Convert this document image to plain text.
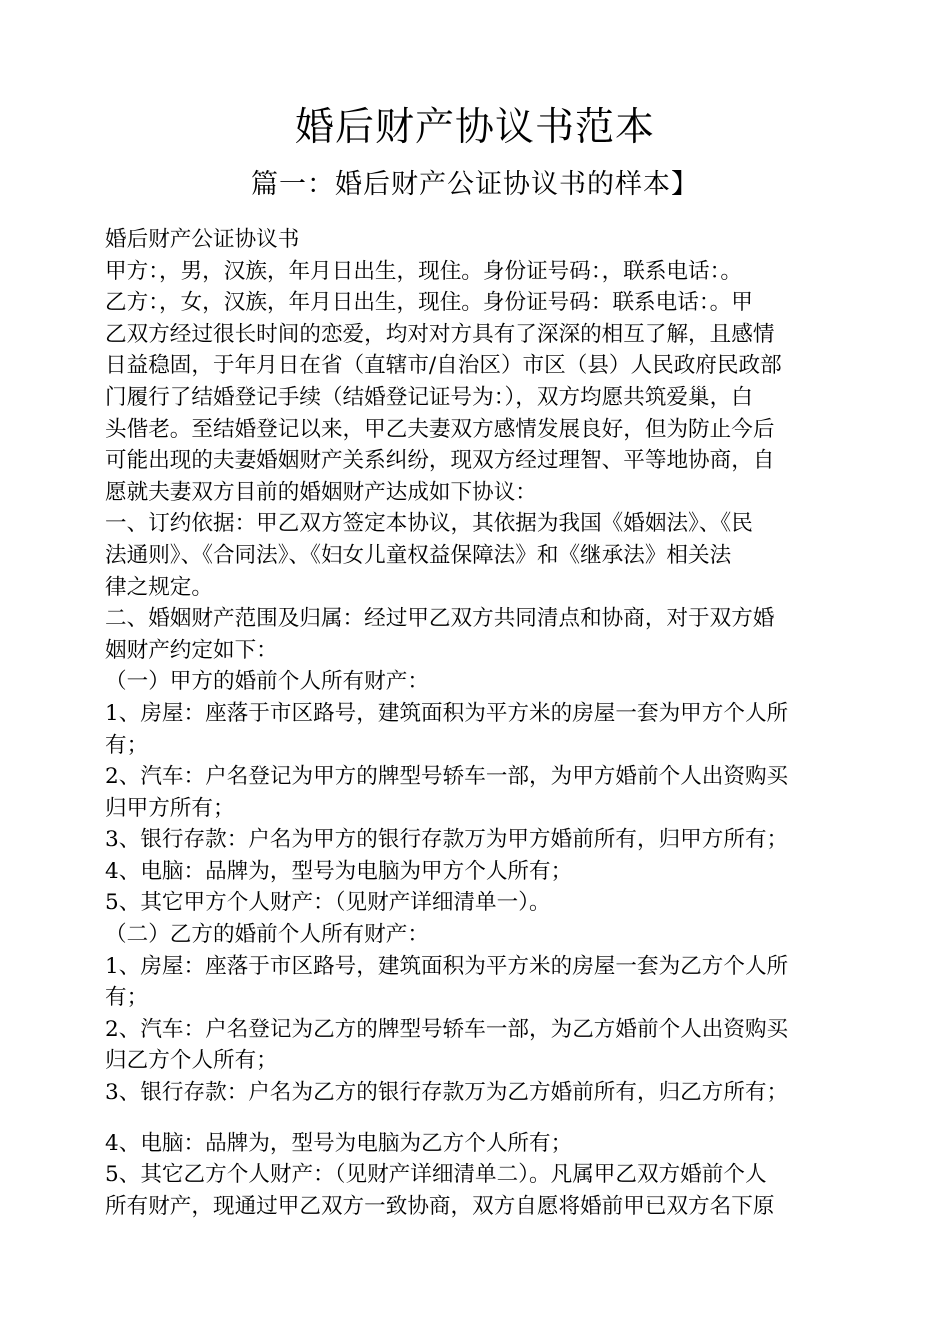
婚后财产协议书范本
篇一：婚后财产公证协议书的样本】
婚后财产公证协议书
甲方：，男，汉族，年月日出生，现住。身份证号码：，联系电话：。
乙方：，女，汉族，年月日出生，现住。身份证号码：联系电话：。甲
乙双方经过很长时间的恋爱，均对对方具有了深深的相互了解，且感情
日益稳固，于年月日在省（直辖市/自治区）市区（县）人民政府民政部
门履行了结婚登记手续（结婚登记证号为：），双方均愿共筑爱巢，白
头偕老。至结婚登记以来，甲乙夫妻双方感情发展良好，但为防止今后
可能出现的夫妻婚姻财产关系纠纷，现双方经过理智、平等地协商，自
愿就夫妻双方目前的婚姻财产达成如下协议：
一、订约依据：甲乙双方签定本协议，其依据为我国《婚姻法》、《民
法通则》、《合同法》、《妇女儿童权益保障法》和《继承法》相关法
律之规定。
二、婚姻财产范围及归属：经过甲乙双方共同清点和协商，对于双方婚
姻财产约定如下：
（一）甲方的婚前个人所有财产：
1、房屋：座落于市区路号，建筑面积为平方米的房屋一套为甲方个人所
有；
2、汽车：户名登记为甲方的牌型号轿车一部，为甲方婚前个人出资购买
归甲方所有；
3、银行存款：户名为甲方的银行存款万为甲方婚前所有，归甲方所有；
4、电脑：品牌为，型号为电脑为甲方个人所有；
5、其它甲方个人财产：（见财产详细清单一）。
（二）乙方的婚前个人所有财产：
1、房屋：座落于市区路号，建筑面积为平方米的房屋一套为乙方个人所
有；
2、汽车：户名登记为乙方的牌型号轿车一部，为乙方婚前个人出资购买
归乙方个人所有；
3、银行存款：户名为乙方的银行存款万为乙方婚前所有，归乙方所有；
4、电脑：品牌为，型号为电脑为乙方个人所有；
5、其它乙方个人财产：（见财产详细清单二）。凡属甲乙双方婚前个人
所有财产，现通过甲乙双方一致协商，双方自愿将婚前甲已双方名下原
